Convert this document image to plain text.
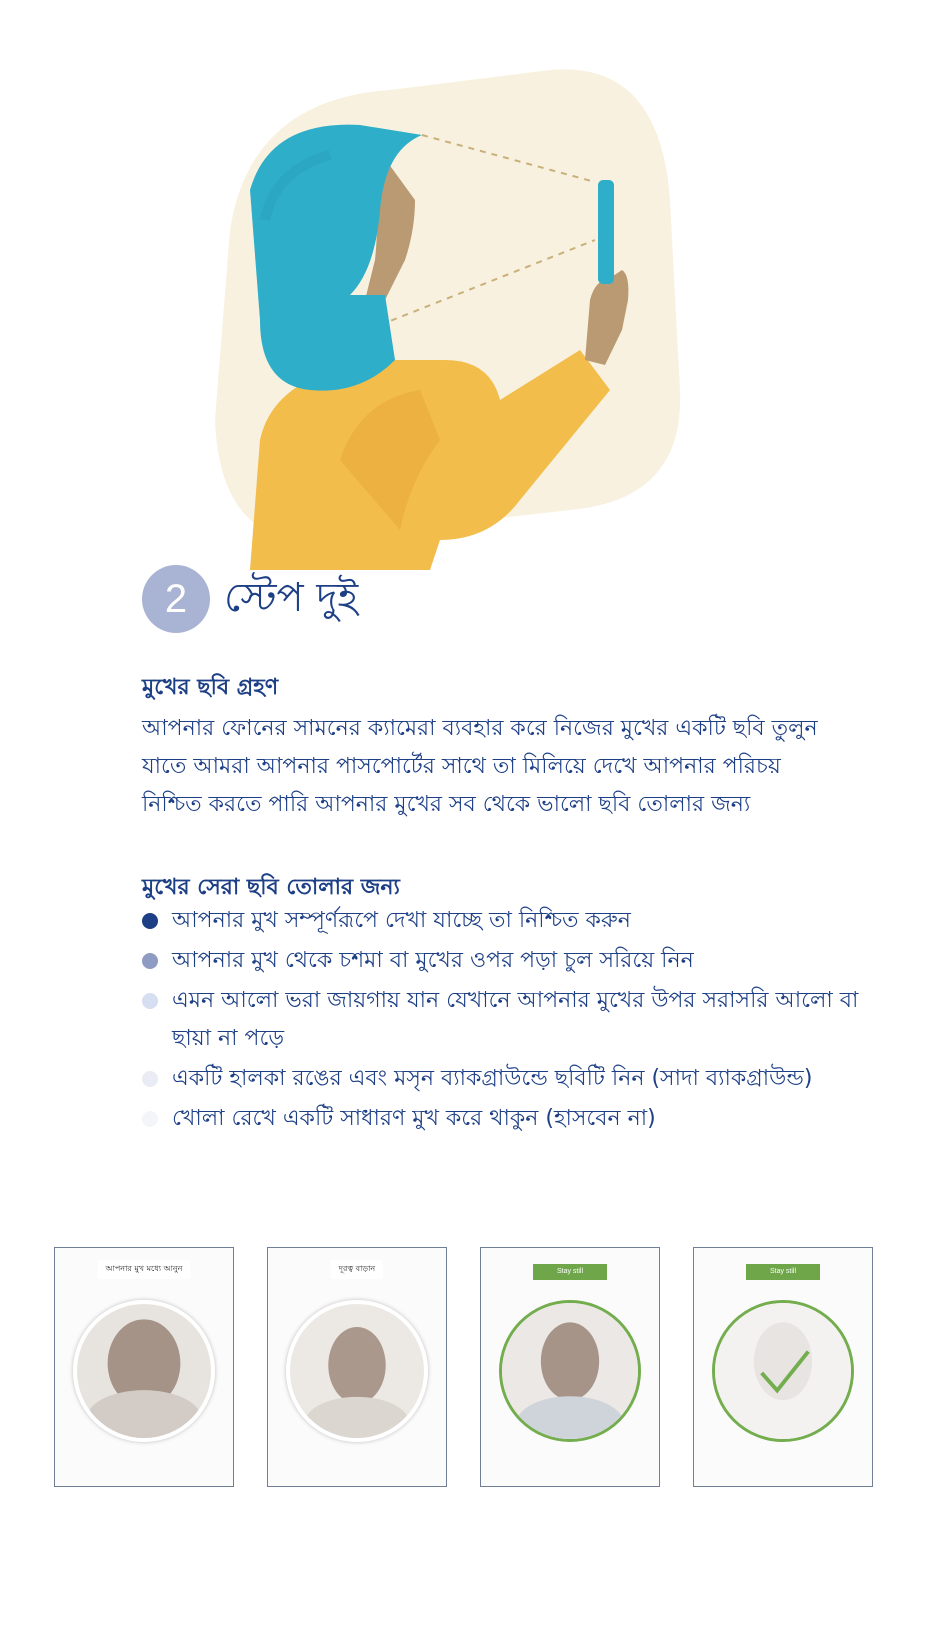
2 স্টেপ দুই
মুখের ছবি গ্রহণ
আপনার ফোনের সামনের ক্যামেরা ব্যবহার করে নিজের মুখের একটি ছবি তুলুন যাতে আমরা আপনার পাসপোর্টের সাথে তা মিলিয়ে দেখে আপনার পরিচয় নিশ্চিত করতে পারি আপনার মুখের সব থেকে ভালো ছবি তোলার জন্য
মুখের সেরা ছবি তোলার জন্য
আপনার মুখ সম্পূর্ণরূপে দেখা যাচ্ছে তা নিশ্চিত করুন
আপনার মুখ থেকে চশমা বা মুখের ওপর পড়া চুল সরিয়ে নিন
এমন আলো ভরা জায়গায় যান যেখানে আপনার মুখের উপর সরাসরি আলো বা ছায়া না পড়ে
একটি হালকা রঙের এবং মসৃন ব্যাকগ্রাউন্ডে ছবিটি নিন (সাদা ব্যাকগ্রাউন্ড)
খোলা রেখে একটি সাধারণ মুখ করে থাকুন (হাসবেন না)
আপনার মুখ মধ্যে আনুন	দূরত্ব বাড়ান	Stay still	Stay still
